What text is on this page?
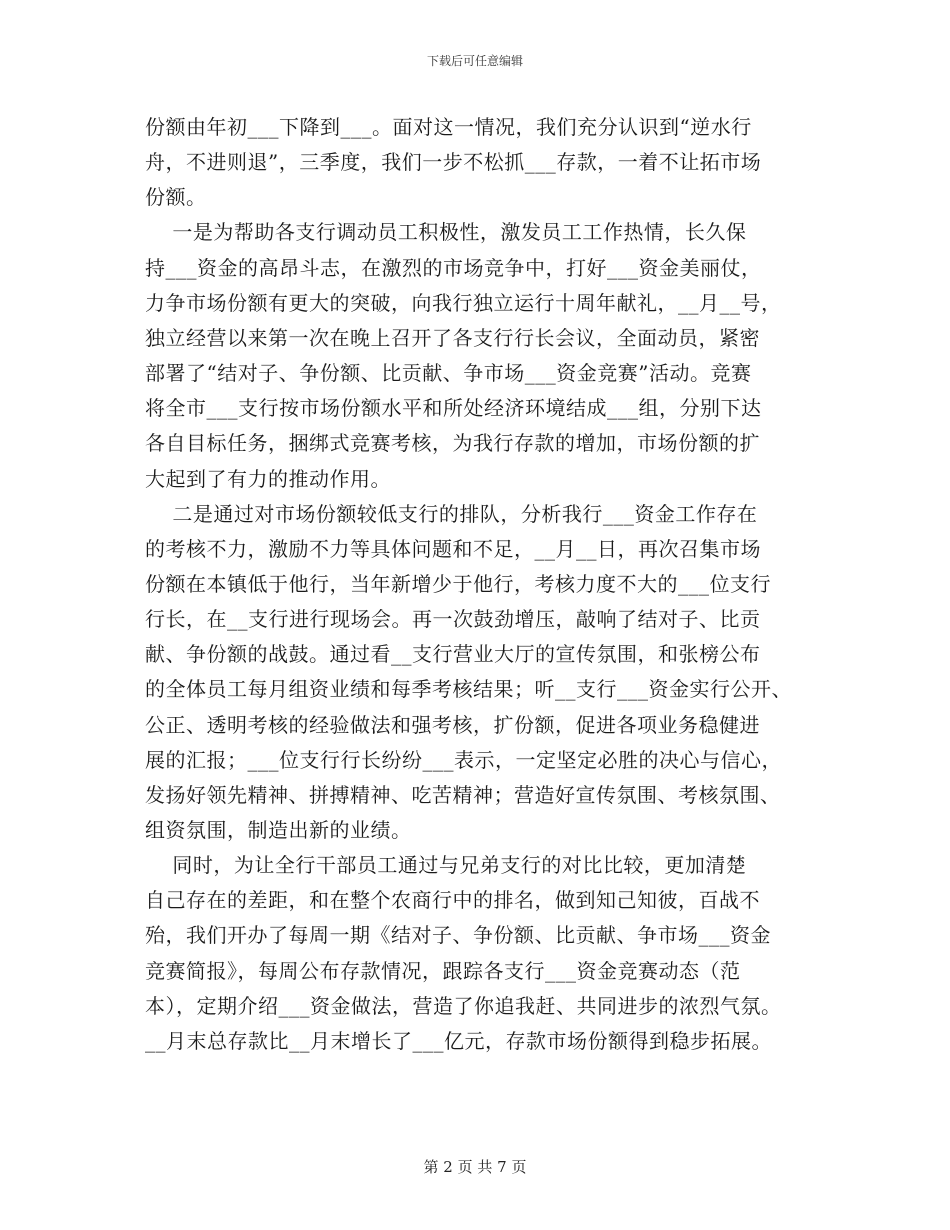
下载后可任意编辑
份额由年初___下降到___。面对这一情况，我们充分认识到“逆水行
舟，不进则退”，三季度，我们一步不松抓___存款，一着不让拓市场
份额。
一是为帮助各支行调动员工积极性，激发员工工作热情，长久保
持___资金的高昂斗志，在激烈的市场竞争中，打好___资金美丽仗，
力争市场份额有更大的突破，向我行独立运行十周年献礼，__月__号，
独立经营以来第一次在晚上召开了各支行行长会议，全面动员，紧密
部署了“结对子、争份额、比贡献、争市场___资金竞赛”活动。竞赛
将全市___支行按市场份额水平和所处经济环境结成___组，分别下达
各自目标任务，捆绑式竞赛考核，为我行存款的增加，市场份额的扩
大起到了有力的推动作用。
二是通过对市场份额较低支行的排队，分析我行___资金工作存在
的考核不力，激励不力等具体问题和不足，__月__日，再次召集市场
份额在本镇低于他行，当年新增少于他行，考核力度不大的___位支行
行长，在__支行进行现场会。再一次鼓劲增压，敲响了结对子、比贡
献、争份额的战鼓。通过看__支行营业大厅的宣传氛围，和张榜公布
的全体员工每月组资业绩和每季考核结果；听__支行___资金实行公开、
公正、透明考核的经验做法和强考核，扩份额，促进各项业务稳健进
展的汇报；___位支行行长纷纷___表示，一定坚定必胜的决心与信心，
发扬好领先精神、拼搏精神、吃苦精神；营造好宣传氛围、考核氛围、
组资氛围，制造出新的业绩。
同时，为让全行干部员工通过与兄弟支行的对比比较，更加清楚
自己存在的差距，和在整个农商行中的排名，做到知己知彼，百战不
殆，我们开办了每周一期《结对子、争份额、比贡献、争市场___资金
竞赛简报》，每周公布存款情况，跟踪各支行___资金竞赛动态（范
本），定期介绍___资金做法，营造了你追我赶、共同进步的浓烈气氛。
__月末总存款比__月末增长了___亿元，存款市场份额得到稳步拓展。
第 2 页 共 7 页
